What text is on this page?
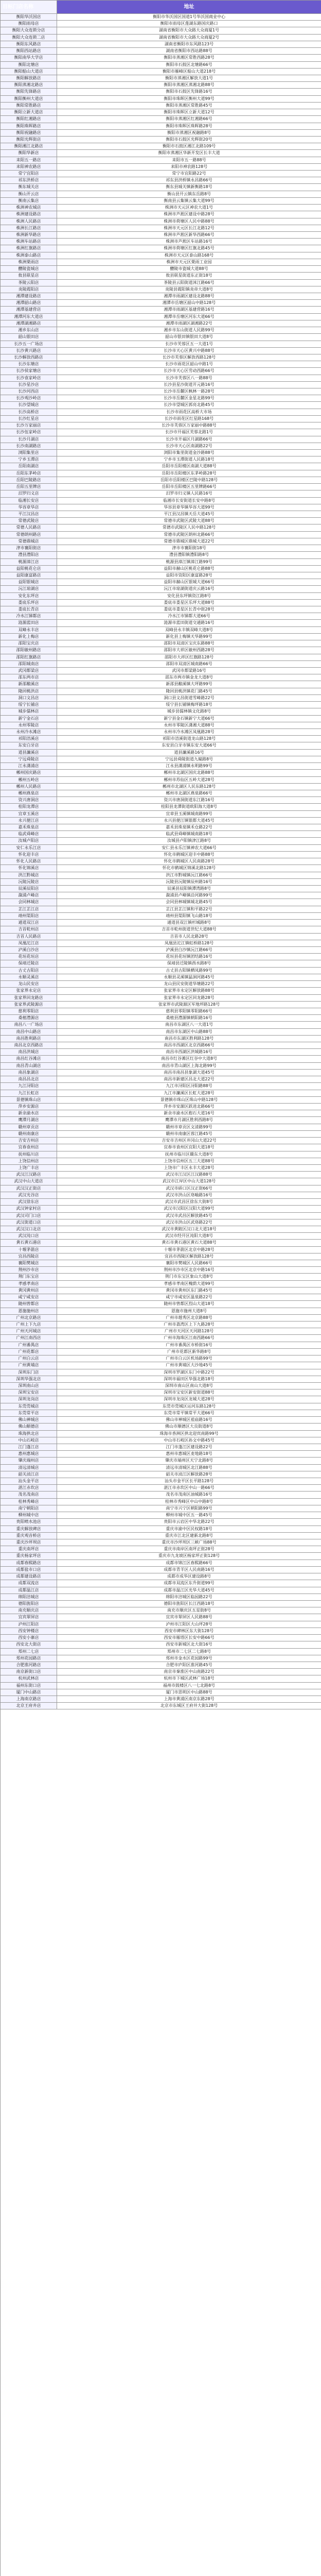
目标门店名称	地址
衡阳华沃国店	衡阳市华沃国区国道1号华沃国商业中心
衡阳雨母店	衡阳市雨母区莲湖东路国庆路口
衡阳大众连锁分店	湖南省衡阳市大众路大众商厦1号
衡阳大众连锁二店	湖南省衡阳市大众路大众商厦2号
衡阳东风路店	湖南省衡阳市东风路123号
衡阳西站路店	湖南省衡阳市西站路88号
衡阳南华大学店	衡阳市蒸湘区常胜西路28号
衡阳北塘店	衡阳市石鼓区北塘路66号
衡阳船山大道店	衡阳市雁峰区船山大道218号
衡阳解放路店	衡阳市蒸湘区解放大道1号
衡阳蒸湘北路店	衡阳市蒸湘区蒸湘北路88号
衡阳先锋路店	衡阳市石鼓区先锋路16号
衡阳衡州大道店	衡阳市珠晖区衡州大道99号
衡阳常胜路店	衡阳市蒸湘区常胜路45号
衡阳立新大道店	衡阳市珠晖区立新大道12号
衡阳红湘路店	衡阳市蒸湘区红湘路66号
衡阳珠晖路店	衡阳市珠晖区珠晖路28号
衡阳祝融路店	衡阳市蒸湘区祝融路8号
衡阳光辉街店	衡阳市石鼓区光辉街20号
衡阳湘江北路店	衡阳市石鼓区湘江北路109号
衡阳华新店	衡阳市蒸湘区华新开发区长丰大道
耒阳五一路店	耒阳市五一路88号
耒阳神农路店	耒阳市神农路128号
常宁宜阳店	常宁市宜阳路22号
祁东洪桥店	祁东县洪桥镇永昌路66号
衡东城关店	衡东县城关镇新衡路18号
衡山开云店	衡山县开云镇东岳路8号
衡南云集店	衡南县云集镇云集大道99号
株洲神农城店	株洲市天元区神农大道1号
株洲建设路店	株洲市芦淞区建设中路28号
株洲人民路店	株洲市荷塘区人民中路88号
株洲长江路店	株洲市天元区长江北路12号
株洲新华路店	株洲市芦淞区新华西路66号
株洲车站路店	株洲市芦淞区车站路16号
株洲红旗路店	株洲市荷塘区红旗北路45号
株洲泰山路店	株洲市天元区泰山路168号
株洲栗雨店	株洲市天元区栗雨工业园
醴陵瓷城店	醴陵市瓷城大道88号
攸县联星店	攸县联星街道东正街18号
茶陵云阳店	茶陵县云阳街道洣江路66号
炎陵霞阳店	炎陵县霞阳镇炎帝大道8号
湘潭建设路店	湘潭市雨湖区建设北路88号
湘潭韶山路店	湘潭市岳塘区韶山中路128号
湘潭基建营店	湘潭市雨湖区基建营路16号
湘潭河东大道店	湘潭市岳塘区河东大道66号
湘潭湖湘路店	湘潭市雨湖区湖湘路22号
湘乡东山店	湘乡市东山街道人民路99号
韶山银田店	韶山市银田镇银田大道8号
长沙五一广场店	长沙市芙蓉区五一大道1号
长沙黄兴路店	长沙市天心区黄兴中路88号
长沙解放西路店	长沙市芙蓉区解放西路128号
长沙东塘店	长沙市雨花区韶山中路1号
长沙侯家塘店	长沙市天心区劳动西路66号
长沙袁家岭店	长沙市芙蓉区八一路88号
长沙星沙店	长沙县星沙街道开元路16号
长沙河西店	长沙市岳麓区枫林一路28号
长沙观沙岭店	长沙市岳麓区金星北路99号
长沙望城店	长沙市望城区郭亮北路45号
长沙高桥店	长沙市雨花区高桥大市场
长沙红星店	长沙市雨花区红星路168号
长沙万家丽店	长沙市芙蓉区万家丽中路88号
长沙伍家岭店	长沙市开福区芙蓉北路1号
长沙月湖店	长沙市开福区月湖路66号
长沙南湖路店	长沙市天心区南湖路22号
浏阳集里店	浏阳市集里街道金沙路88号
宁乡玉潭店	宁乡市玉潭街道人民路18号
岳阳南湖店	岳阳市岳阳楼区南湖大道88号
岳阳东茅岭店	岳阳市岳阳楼区东茅岭路28号
岳阳巴陵路店	岳阳市岳阳楼区巴陵中路128号
岳阳五里牌店	岳阳市岳阳楼区五里牌路66号
汨罗归义店	汨罗市归义镇人民路16号
临湘长安店	临湘市长安街道长安中路8号
华容章华店	华容县章华镇华容大道99号
平江汉昌店	平江县汉昌镇天岳大道45号
常德武陵店	常德市武陵区武陵大道88号
常德人民路店	常德市武陵区人民中路128号
常德朗州路店	常德市武陵区朗州北路66号
常德鼎城店	常德市鼎城区鼎城大道22号
津市襄阳街店	津市市襄阳街18号
澧县澧阳店	澧县澧阳镇澧阳路8号
桃源漳江店	桃源县漳江镇漳江路99号
益阳桃花仑店	益阳市赫山区桃花仑路88号
益阳康富路店	益阳市资阳区康富路28号
益阳银城店	益阳市赫山区银城大道66号
沅江琼湖店	沅江市琼湖街道庆云路16号
安化东坪店	安化县东坪镇资江路8号
娄底乐坪店	娄底市娄星区乐坪大道88号
娄底长青店	娄底市娄星区长青中街28号
冷水江锑都店	冷水江市锑都大道66号
涟源蓝田店	涟源市蓝田街道交通路16号
双峰永丰店	双峰县永丰镇双峰大道8号
新化上梅店	新化县上梅镇天华路99号
邵阳宝庆店	邵阳市双清区宝庆东路88号
邵阳敏州路店	邵阳市大祥区敏州西路28号
邵阳红旗路店	邵阳市大祥区红旗路128号
邵阳城南店	邵阳市双清区城南路66号
武冈都梁店	武冈市都梁路16号
邵东两市店	邵东市两市镇金龙大道8号
新邵酿溪店	新邵县酿溪镇大坪路99号
隆回桃洪店	隆回县桃洪镇花门路45号
洞口文昌店	洞口县文昌街道雪峰路22号
绥宁长铺店	绥宁县长铺镇梅坪路18号
城步儒林店	城步县儒林镇文化路8号
新宁金石店	新宁县金石镇新宁大道66号
永州零陵店	永州市零陵区潇湘大道88号
永州冷水滩店	永州市冷水滩区凤凰路28号
祁阳浯溪店	祁阳市浯溪街道龙山路128号
东安白牙店	东安县白牙市镇东安大道66号
道县濂溪店	道县濂溪路16号
宁远舜陵店	宁远县舜陵街道九嶷路8号
江永潇浦店	江永县潇浦镇永明路99号
郴州国庆路店	郴州市北湖区国庆北路88号
郴州五岭店	郴州市苏仙区五岭大道28号
郴州人民路店	郴州市北湖区人民东路128号
郴州燕泉店	郴州市北湖区燕泉路66号
资兴唐洞店	资兴市唐洞街道东江路16号
桂阳龙潭店	桂阳县龙潭街道欧阳海大道8号
宜章玉溪店	宜章县玉溪镇城南路99号
永兴便江店	永兴县便江镇银都大道45号
嘉禾珠泉店	嘉禾县珠泉镇禾仓路22号
临武舜峰店	临武县舜峰镇城南路18号
汝城卢阳店	汝城县卢阳镇津江路8号
安仁永乐江店	安仁县永乐江镇神农大道66号
怀化迎丰店	怀化市鹤城区迎丰中路88号
怀化人民路店	怀化市鹤城区人民南路28号
怀化锦溪店	怀化市鹤城区锦溪北路128号
洪江黔城店	洪江市黔城镇沅江路66号
沅陵沅陵店	沅陵县沅陵镇辰州路16号
辰溪辰阳店	辰溪县辰阳镇潭湾路8号
溆浦卢峰店	溆浦县卢峰镇沿河路99号
会同林城店	会同县林城镇城北路45号
芷江芷江店	芷江县芷江镇和平路22号
靖州渠阳店	靖州县渠阳镇飞山路18号
通道双江店	通道县双江镇杉城路8号
吉首乾州店	吉首市乾州街道世纪大道88号
吉首人民路店	吉首市人民北路28号
凤凰沱江店	凤凰县沱江镇虹桥路128号
泸溪白沙店	泸溪县白沙镇沅江路66号
花垣花垣店	花垣县花垣镇团结路16号
保靖迁陵店	保靖县迁陵镇酉水路8号
古丈古阳店	古丈县古阳镇栖凤路99号
永顺灵溪店	永顺县灵溪镇猛洞河路45号
龙山民安店	龙山县民安街道华塘路22号
张家界永定店	张家界市永定区解放路88号
张家界回龙路店	张家界市永定区回龙路28号
张家界武陵源店	张家界市武陵源区军地坪路128号
慈利零阳店	慈利县零阳镇零阳路66号
桑植澧源店	桑植县澧源镇朝阳路16号
南昌八一广场店	南昌市东湖区八一大道1号
南昌中山路店	南昌市东湖区中山路88号
南昌胜利路店	南昌市东湖区胜利路128号
南昌北京西路店	南昌市西湖区北京西路66号
南昌洪城店	南昌市西湖区洪城路16号
南昌红谷滩店	南昌市红谷滩区红谷中大道8号
南昌青山湖店	南昌市青山湖区上海北路99号
南昌象湖店	南昌市南昌县象湖大道45号
南昌昌北店	南昌市新建区昌北大道22号
九江浔阳店	九江市浔阳区浔阳路88号
九江长虹店	九江市濂溪区长虹大道28号
景德镇珠山店	景德镇市珠山区珠山中路128号
萍乡安源店	萍乡市安源区跃进北路66号
新余渝水店	新余市渝水区抱石大道16号
鹰潭月湖店	鹰潭市月湖区胜利西路8号
赣州章贡店	赣州市章贡区文清路99号
赣州南康店	赣州市南康区蓉江路45号
吉安吉州店	吉安市吉州区井冈山大道22号
宜春袁州店	宜春市袁州区宜阳大道18号
抚州临川店	抚州市临川区赣东大道8号
上饶信州店	上饶市信州区五三大道88号
上饶广丰店	上饶市广丰区永丰大道28号
武汉江汉路店	武汉市江汉区江汉路88号
武汉中山大道店	武汉市江岸区中山大道128号
武汉汉正街店	武汉市硚口区汉正街66号
武汉光谷店	武汉市洪山区珞喻路16号
武汉徐东店	武汉市武昌区徐东大街8号
武汉钟家村店	武汉市汉阳区汉阳大道99号
武汉司门口店	武汉市武昌区解放路45号
武汉街道口店	武汉市洪山区武珞路22号
武汉汉口北店	武汉市黄陂区汉口北大道18号
武汉沌口店	武汉市经开区沌阳大道8号
黄石黄石港店	黄石市黄石港区黄石大道88号
十堰茅箭店	十堰市茅箭区北京中路28号
宜昌西陵店	宜昌市西陵区解放路128号
襄阳樊城店	襄阳市樊城区人民路66号
荆州沙市店	荆州市沙市区北京中路16号
荆门东宝店	荆门市东宝区象山大道8号
孝感孝南店	孝感市孝南区槐荫大道99号
黄冈黄州店	黄冈市黄州区东门路45号
咸宁咸安店	咸宁市咸安区温泉路22号
随州曾都店	随州市曾都区烈山大道18号
恩施施州店	恩施市施州大道8号
广州北京路店	广州市越秀区北京路88号
广州上下九店	广州市荔湾区上下九路28号
广州天河城店	广州市天河区天河路128号
广州江南西店	广州市海珠区江南西路66号
广州番禺店	广州市番禺区市桥街16号
广州花都店	广州市花都区新华路8号
广州白云店	广州市白云区机场路99号
广州黄埔店	广州市黄埔区大沙地45号
深圳东门店	深圳市罗湖区东门中路22号
深圳华强北店	深圳市福田区华强北路18号
深圳南山店	深圳市南山区南山大道8号
深圳宝安店	深圳市宝安区新安街道88号
深圳龙岗店	深圳市龙岗区龙城大道28号
东莞莞城店	东莞市莞城区运河东路128号
东莞常平店	东莞市常平镇常平大道66号
佛山禅城店	佛山市禅城区祖庙路16号
佛山顺德店	佛山市顺德区大良街道8号
珠海拱北店	珠海市香洲区拱北迎宾南路99号
中山石岐店	中山市石岐区孙文中路45号
江门蓬江店	江门市蓬江区建设路22号
惠州惠城店	惠州市惠城区麦地路18号
肇庆端州店	肇庆市端州区天宁北路8号
清远清城店	清远市清城区北江路88号
韶关浈江店	韶关市浈江区解放路28号
汕头金平店	汕头市金平区长平路128号
湛江赤坎店	湛江市赤坎区中山一路66号
茂名茂南店	茂名市茂南区油城路16号
桂林秀峰店	桂林市秀峰区中山中路8号
南宁朝阳店	南宁市兴宁区朝阳路99号
柳州城中店	柳州市城中区五一路45号
贵阳喷水池店	贵阳市云岩区中华北路22号
重庆解放碑店	重庆市渝中区民权路18号
重庆观音桥店	重庆市江北区建新北路8号
重庆沙坪坝店	重庆市沙坪坝区三峡广场88号
重庆南坪店	重庆市南岸区南坪正街28号
重庆杨家坪店	重庆市九龙坡区杨家坪正街128号
成都春熙路店	成都市锦江区春熙路66号
成都盐市口店	成都市青羊区人民南路16号
成都建设路店	成都市成华区建设路8号
成都双流店	成都市双流区东升街道99号
成都温江店	成都市温江区光华大道45号
绵阳涪城店	绵阳市涪城区临园路22号
德阳旌阳店	德阳市旌阳区长江西路18号
南充顺庆店	南充市顺庆区五星街8号
宜宾翠屏店	宜宾市翠屏区人民路88号
泸州江阳店	泸州市江阳区大山坪28号
西安钟楼店	西安市碑林区东大街128号
西安小寨店	西安市雁塔区长安中路66号
西安北大街店	西安市新城区北大街16号
郑州二七店	郑州市二七区二七路8号
郑州花园路店	郑州市金水区花园路99号
合肥淮河路店	合肥市庐阳区淮河路45号
南京新街口店	南京市秦淮区中山南路22号
杭州武林店	杭州市下城区武林广场18号
福州东街口店	福州市鼓楼区八一七北路8号
厦门中山路店	厦门市思明区中山路88号
上海南京路店	上海市黄浦区南京东路28号
北京王府井店	北京市东城区王府井大街128号
